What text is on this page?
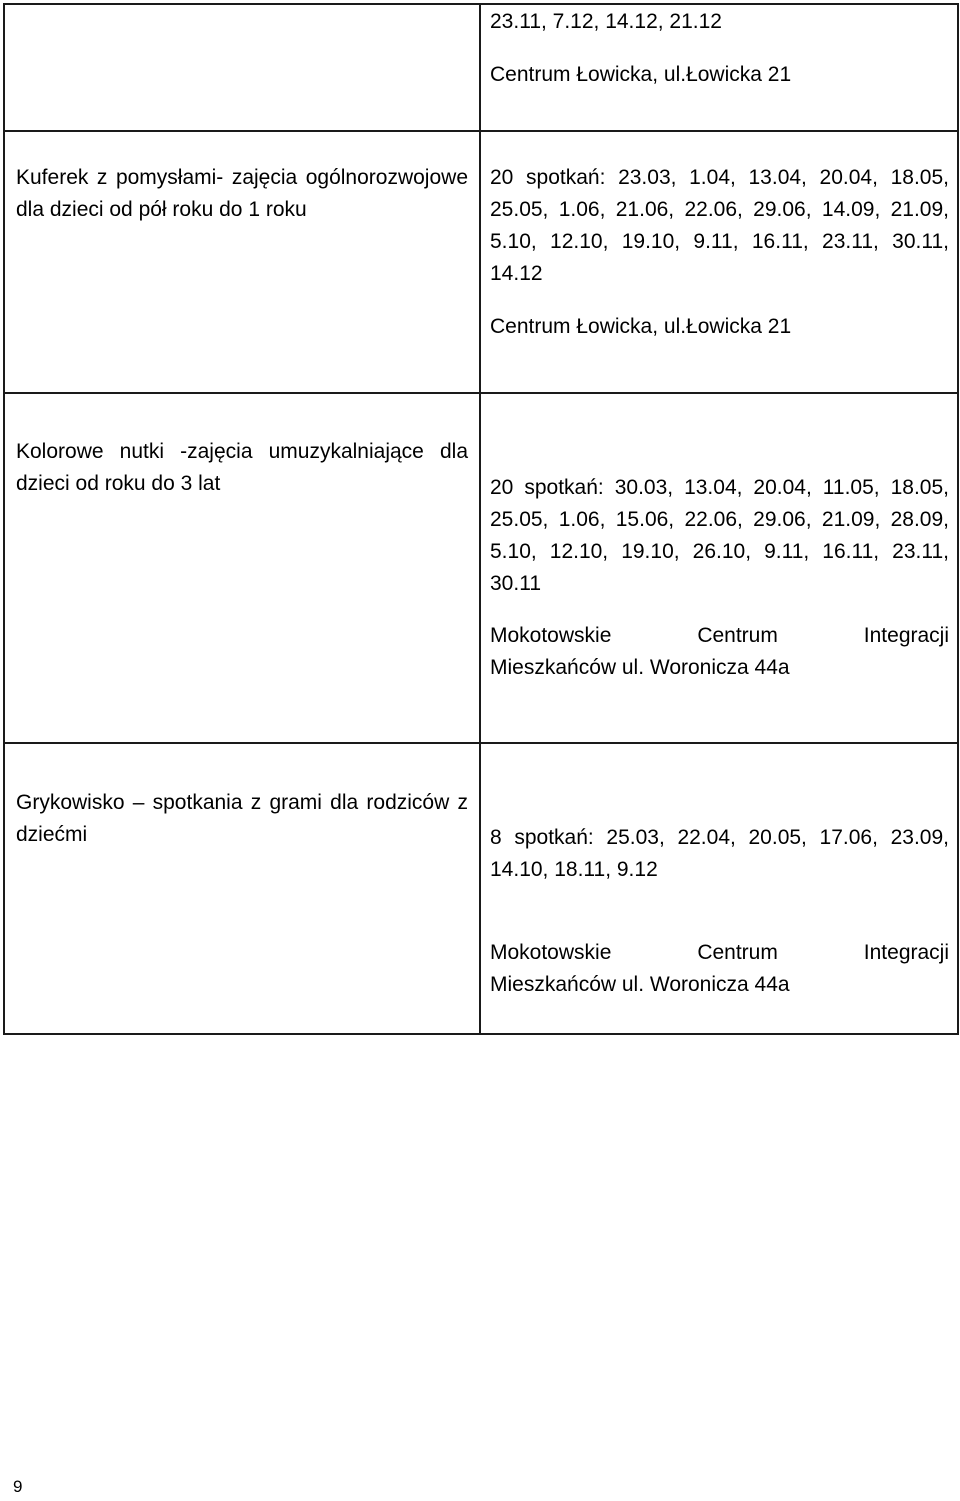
	23.11, 7.12, 14.12, 21.12

Centrum Łowicka, ul.Łowicka 21

Kuferek z pomysłami- zajęcia ogólnorozwojowe dla dzieci od pół roku do 1 roku	20 spotkań: 23.03, 1.04, 13.04, 20.04, 18.05, 25.05, 1.06, 21.06, 22.06, 29.06, 14.09, 21.09, 5.10, 12.10, 19.10, 9.11, 16.11, 23.11, 30.11, 14.12

Centrum Łowicka, ul.Łowicka 21

Kolorowe nutki -zajęcia umuzykalniające dla dzieci od roku do 3 lat	20 spotkań: 30.03, 13.04, 20.04, 11.05, 18.05, 25.05, 1.06, 15.06, 22.06, 29.06, 21.09, 28.09, 5.10, 12.10, 19.10, 26.10, 9.11, 16.11, 23.11, 30.11

Mokotowskie Centrum Integracji

Mieszkańców ul. Woronicza 44a

Grykowisko – spotkania z grami dla rodziców z dziećmi	8 spotkań: 25.03, 22.04, 20.05, 17.06, 23.09, 14.10, 18.11, 9.12

Mokotowskie Centrum Integracji

Mieszkańców ul. Woronicza 44a

9
